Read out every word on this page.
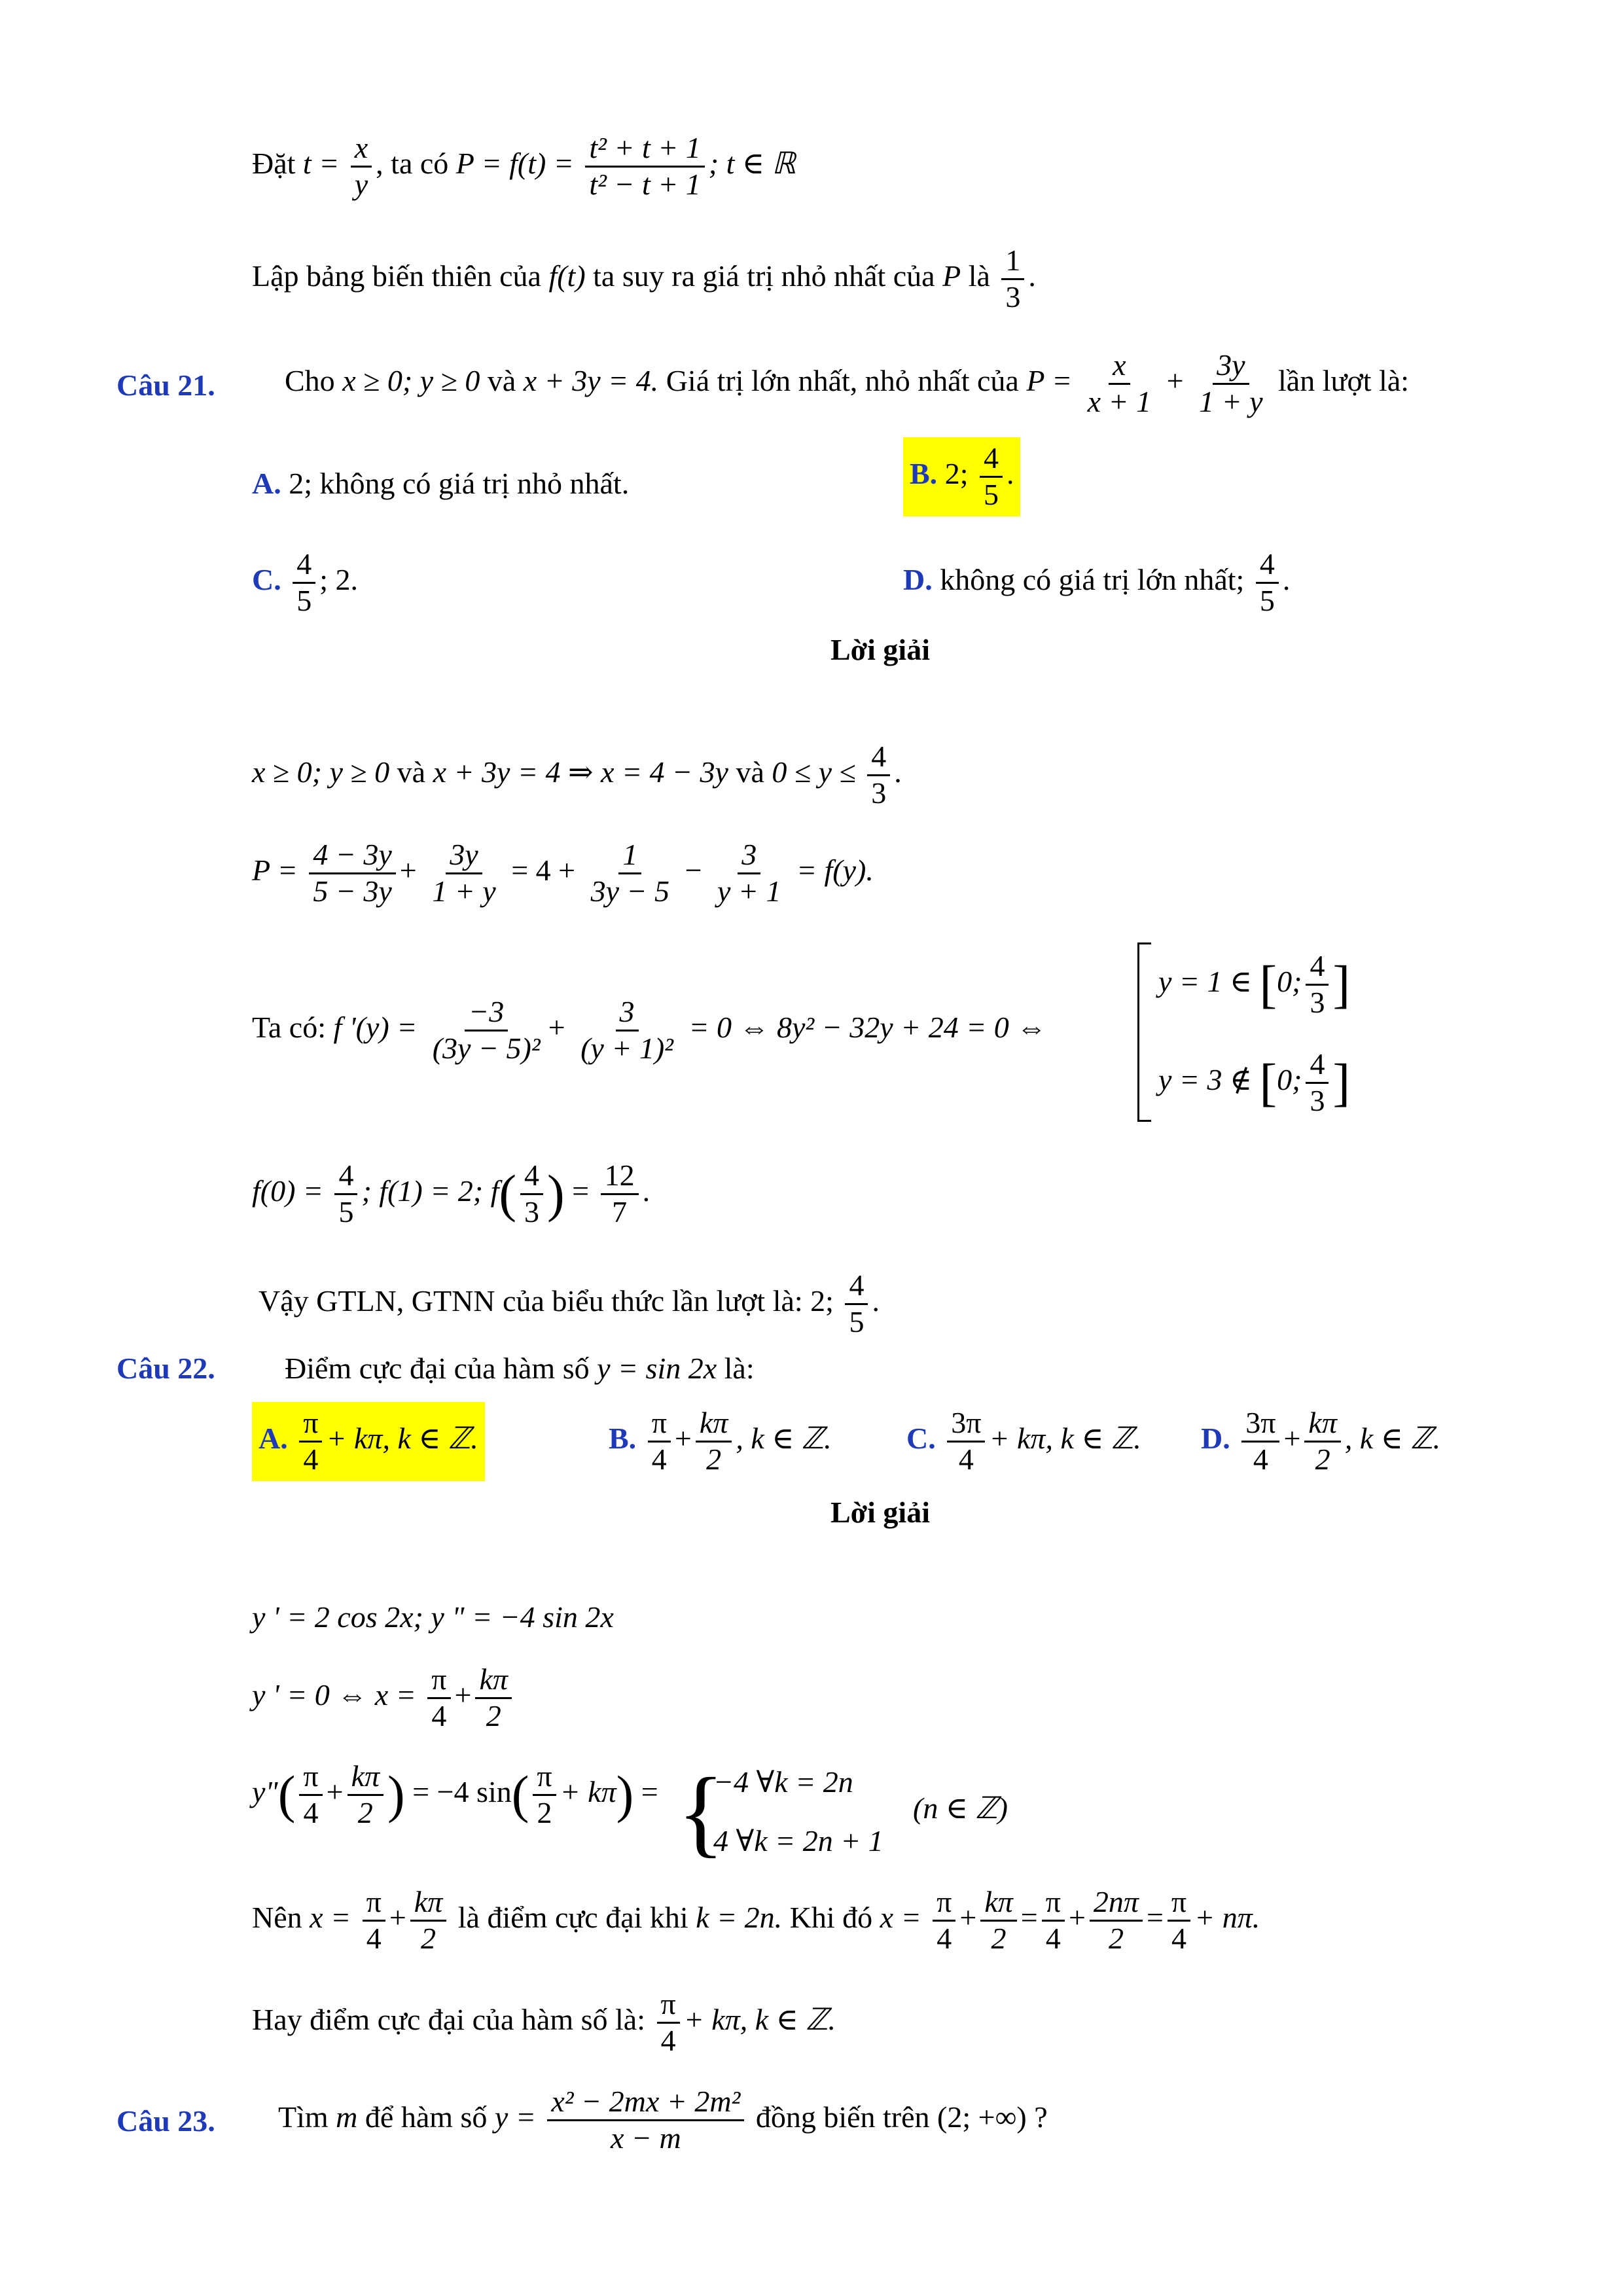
Đặt $t = \frac{x}{y}$ , ta có $P = f(t) = \frac{\text{t² + t + 1}}{\text{t² − t + 1}}$ ; t ∈ ℝ
Lập bảng biến thiên của f(t) ta suy ra giá trị nhỏ nhất của P là $\frac{1}{3}$ .
Câu 21. Cho x ≥ 0; y ≥ 0 và x + 3y = 4. Giá trị lớn nhất, nhỏ nhất của $P = \frac{x}{x + 1} + \frac{3y}{1 + y}$ lần lượt là:
A. 2; không có giá trị nhỏ nhất.	B. 2; $\frac{4}{5}$ .
C. $\frac{4}{5}$ ; 2.	D. không có giá trị lớn nhất; $\frac{4}{5}$ .
Lời giải
x ≥ 0; y ≥ 0 và x + 3y = 4 ⇒ x = 4 − 3y và $0 \le y \le \frac{4}{3}$ .
$P = \frac{4 - 3y}{5 - 3y} + \frac{3y}{1 + y} = 4 + \frac{1}{3y - 5} - \frac{3}{y + 1} = f(y)$.
Ta có: f '$(y) = \frac{-3}{\text{(3y − 5)²}} + \frac{3}{\text{(y + 1)²}} = 0$ ⇔ 8y² − 32y + 24 = 0 ⇔
y = 1 ∈ [0; $\frac{4}{3}$ ]
y = 3 ∉ [0; $\frac{4}{3}$ ]
$f(0) = \frac{4}{5}$ ; f(1) = 2; $f( \frac{4}{3}$ ) = $\frac{12}{7}$ .
Vậy GTLN, GTNN của biểu thức lần lượt là: 2; $\frac{4}{5}$ .
Câu 22. Điểm cực đại của hàm số y = sin 2x là:
A. $\frac{\pi}{4} + k\pi$, k ∈ ℤ.	B. $\frac{\pi}{4} + \frac{k\pi}{2}$ , k ∈ ℤ. C. $\frac{3\pi}{4} + k\pi$, k ∈ ℤ. D. $\frac{3\pi}{4} + \frac{k\pi}{2}$ , k ∈ ℤ.
Lời giải
y ' = 2 cos 2x; y " = −4 sin 2x
y ' = 0 ⇔ $x = \frac{\pi}{4} + \frac{k\pi}{2}$
y"( $\frac{\pi}{4} + \frac{k\pi}{2}$ ) = −4 $\sin( \frac{\pi}{2} + k\pi)$ = {
−4 ∀k = 2n
4 ∀k = 2n + 1
(n ∈ ℤ)
Nên $x = \frac{\pi}{4} + \frac{k\pi}{2}$ là điểm cực đại khi k = 2n. Khi đó $x = \frac{\pi}{4} + \frac{k\pi}{2} = \frac{\pi}{4} + \frac{2n\pi}{2} = \frac{\pi}{4} + n\pi$.
Hay điểm cực đại của hàm số là: $\frac{\pi}{4} + k\pi$, k ∈ ℤ.
Câu 23. Tìm m để hàm số $y = \frac{\text{x² − 2mx + 2m²}}{x - m}$ đồng biến trên (2; +∞) ?
